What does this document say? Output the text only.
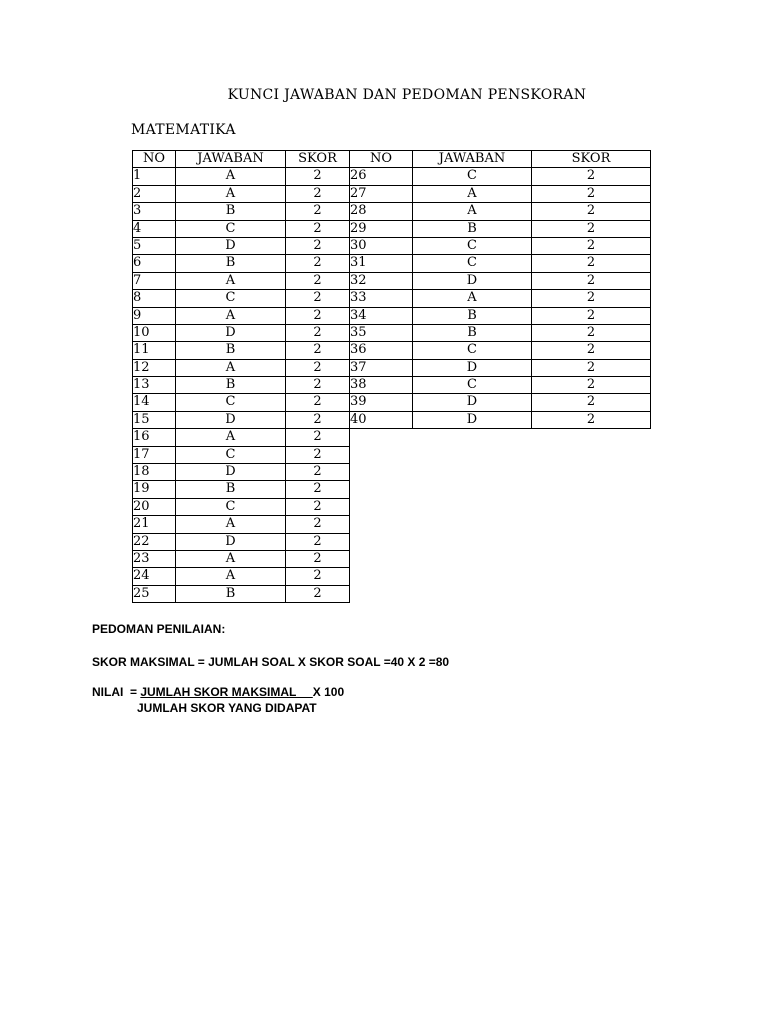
KUNCI JAWABAN DAN PEDOMAN PENSKORAN
MATEMATIKA
NO	JAWABAN	SKOR	NO	JAWABAN	SKOR
1	A	2	26	C	2
2	A	2	27	A	2
3	B	2	28	A	2
4	C	2	29	B	2
5	D	2	30	C	2
6	B	2	31	C	2
7	A	2	32	D	2
8	C	2	33	A	2
9	A	2	34	B	2
10	D	2	35	B	2
11	B	2	36	C	2
12	A	2	37	D	2
13	B	2	38	C	2
14	C	2	39	D	2
15	D	2	40	D	2
16	A	2			
17	C	2			
18	D	2			
19	B	2			
20	C	2			
21	A	2			
22	D	2			
23	A	2			
24	A	2			
25	B	2			
PEDOMAN PENILAIAN:
SKOR MAKSIMAL = JUMLAH SOAL X SKOR SOAL =40 X 2 =80
NILAI  = JUMLAH SKOR MAKSIMAL     X 100
JUMLAH SKOR YANG DIDAPAT
